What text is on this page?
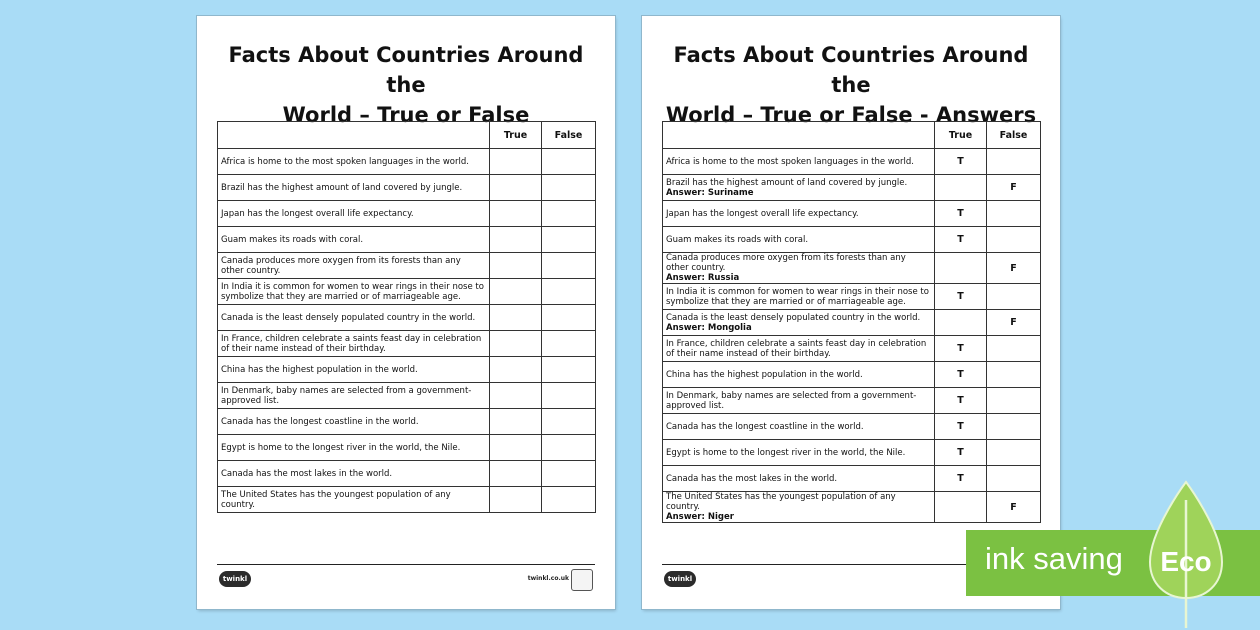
Facts About Countries Around the
World – True or False
	True	False
Africa is home to the most spoken languages in the world.		
Brazil has the highest amount of land covered by jungle.		
Japan has the longest overall life expectancy.		
Guam makes its roads with coral.		
Canada produces more oxygen from its forests than any other country.		
In India it is common for women to wear rings in their nose to symbolize that they are married or of marriageable age.		
Canada is the least densely populated country in the world.		
In France, children celebrate a saints feast day in celebration of their name instead of their birthday.		
China has the highest population in the world.		
In Denmark, baby names are selected from a government-approved list.		
Canada has the longest coastline in the world.		
Egypt is home to the longest river in the world, the Nile.		
Canada has the most lakes in the world.		
The United States has the youngest population of any country.		
twinkl	twinkl.co.uk
Facts About Countries Around the
World – True or False - Answers
	True	False
Africa is home to the most spoken languages in the world.	T	
Brazil has the highest amount of land covered by jungle.
Answer: Suriname		F
Japan has the longest overall life expectancy.	T	
Guam makes its roads with coral.	T	
Canada produces more oxygen from its forests than any other country.
Answer: Russia		F
In India it is common for women to wear rings in their nose to symbolize that they are married or of marriageable age.	T	
Canada is the least densely populated country in the world.
Answer: Mongolia		F
In France, children celebrate a saints feast day in celebration of their name instead of their birthday.	T	
China has the highest population in the world.	T	
In Denmark, baby names are selected from a government-approved list.	T	
Canada has the longest coastline in the world.	T	
Egypt is home to the longest river in the world, the Nile.	T	
Canada has the most lakes in the world.	T	
The United States has the youngest population of any country.
Answer: Niger		F
twinkl
ink saving Eco
